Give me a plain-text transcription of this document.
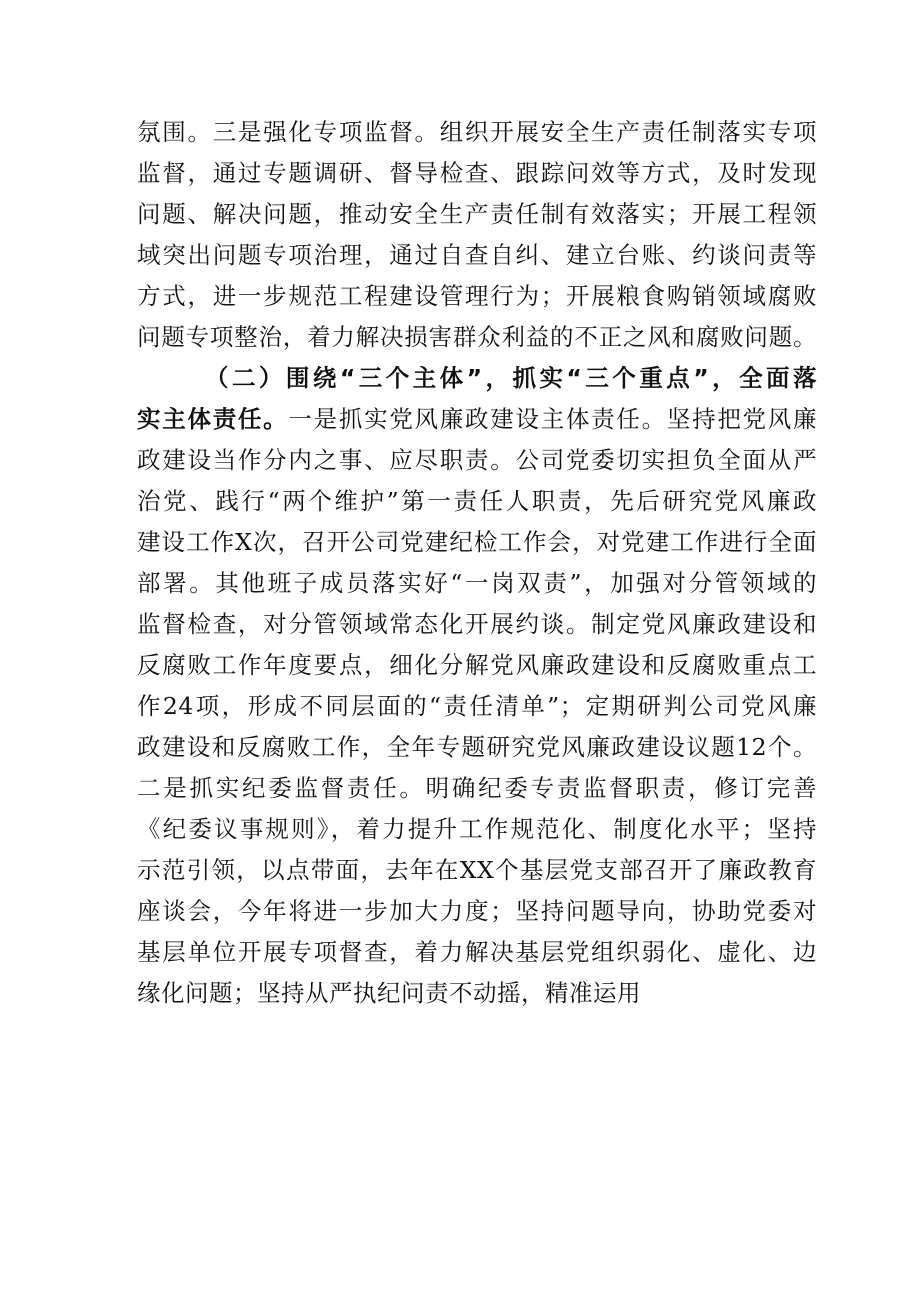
氛围。三是强化专项监督。组织开展安全生产责任制落实专项
监督，通过专题调研、督导检查、跟踪问效等方式，及时发现
问题、解决问题，推动安全生产责任制有效落实；开展工程领
域突出问题专项治理，通过自查自纠、建立台账、约谈问责等
方式，进一步规范工程建设管理行为；开展粮食购销领域腐败
问题专项整治，着力解决损害群众利益的不正之风和腐败问题。
（二）围绕“三个主体”，抓实“三个重点”，全面落
实主体责任。一是抓实党风廉政建设主体责任。坚持把党风廉
政建设当作分内之事、应尽职责。公司党委切实担负全面从严
治党、践行“两个维护”第一责任人职责，先后研究党风廉政
建设工作X次，召开公司党建纪检工作会，对党建工作进行全面
部署。其他班子成员落实好“一岗双责”，加强对分管领域的
监督检查，对分管领域常态化开展约谈。制定党风廉政建设和
反腐败工作年度要点，细化分解党风廉政建设和反腐败重点工
作24项，形成不同层面的“责任清单”；定期研判公司党风廉
政建设和反腐败工作，全年专题研究党风廉政建设议题12个。
二是抓实纪委监督责任。明确纪委专责监督职责，修订完善
《纪委议事规则》，着力提升工作规范化、制度化水平；坚持
示范引领，以点带面，去年在XX个基层党支部召开了廉政教育
座谈会，今年将进一步加大力度；坚持问题导向，协助党委对
基层单位开展专项督查，着力解决基层党组织弱化、虚化、边
缘化问题；坚持从严执纪问责不动摇，精准运用
